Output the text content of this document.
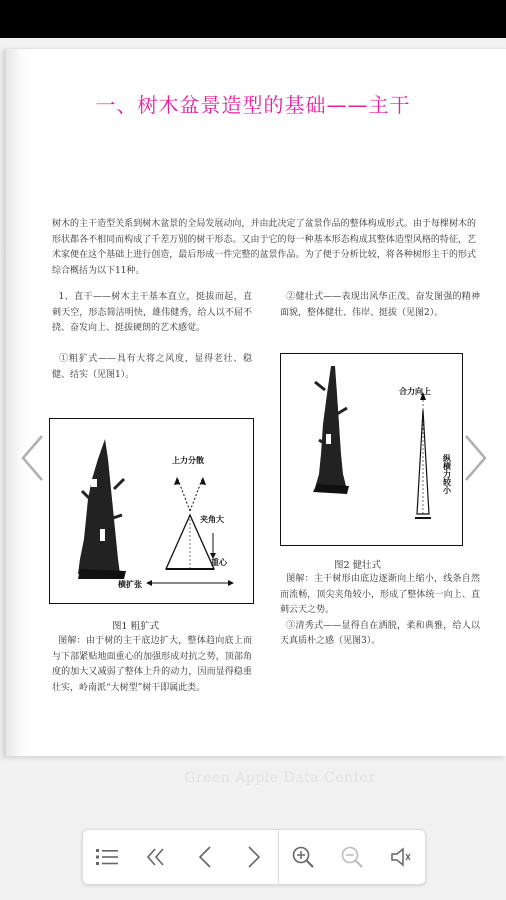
一、树木盆景造型的基础——主干
树木的主干造型关系到树木盆景的全局发展动向，并由此决定了盆景作品的整体构成形式。由于每棵树木的形状都各不相同而构成了千差万别的树干形态。又由于它的每一种基本形态构成其整体造型风格的特征，艺术家便在这个基础上进行创造，最后形成一件完整的盆景作品。为了便于分析比较，将各种树形主干的形式综合概括为以下11种。
1、直干——树木主干基本直立，挺拔而起，直刺天空，形态简洁明快，雄伟健秀，给人以不屈不挠、奋发向上、挺拔硬朗的艺术感觉。
①粗犷式——具有大将之风度，显得老壮、稳健、结实（见图1）。
②健壮式——表现出风华正茂、奋发图强的精神面貌，整体健壮、伟岸、挺拔（见图2）。
上力分散
夹角大
重心
横扩张
图1 粗犷式
图解：由于树的主干底边扩大，整体趋向底上而与下部紧贴地面重心的加强形成对抗之势，顶部角度的加大又减弱了整体上升的动力，因而显得稳重壮实，岭南派“大树型”树干即属此类。
合力向上
纵横力较小
图2 健壮式
图解：主干树形由底边逐渐向上缩小，线条自然而流畅，顶尖夹角较小，形成了整体统一向上、直刺云天之势。
③清秀式——显得自在洒脱，柔和典雅，给人以天真质朴之感（见图3）。
Green Apple Data Center
